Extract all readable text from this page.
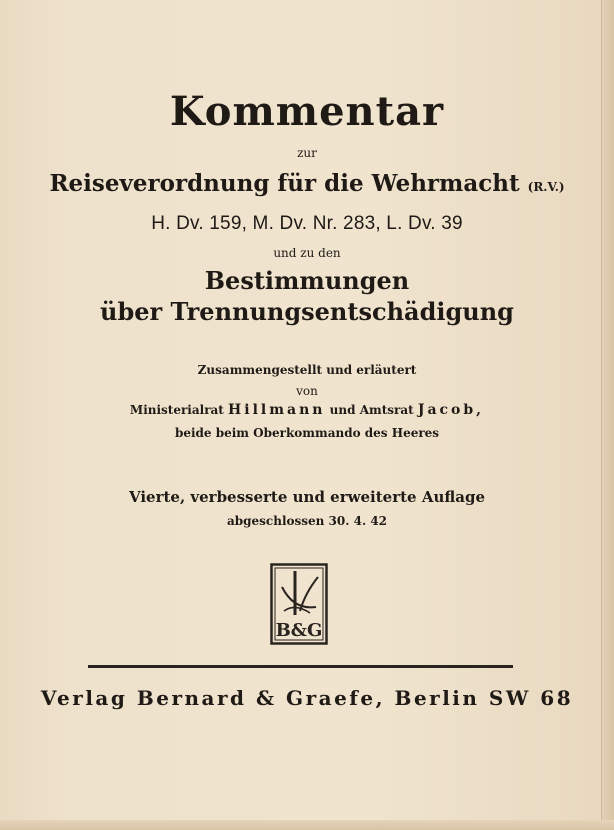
Kommentar
zur
Reiseverordnung für die Wehrmacht (R.V.)
H. Dv. 159, M. Dv. Nr. 283, L. Dv. 39
und zu den
Bestimmungen
über Trennungsentschädigung
Zusammengestellt und erläutert
von
Ministerialrat Hillmann und Amtsrat Jacob,
beide beim Oberkommando des Heeres
Vierte, verbesserte und erweiterte Auflage
abgeschlossen 30. 4. 42
B&G
Verlag Bernard & Graefe, Berlin SW 68
